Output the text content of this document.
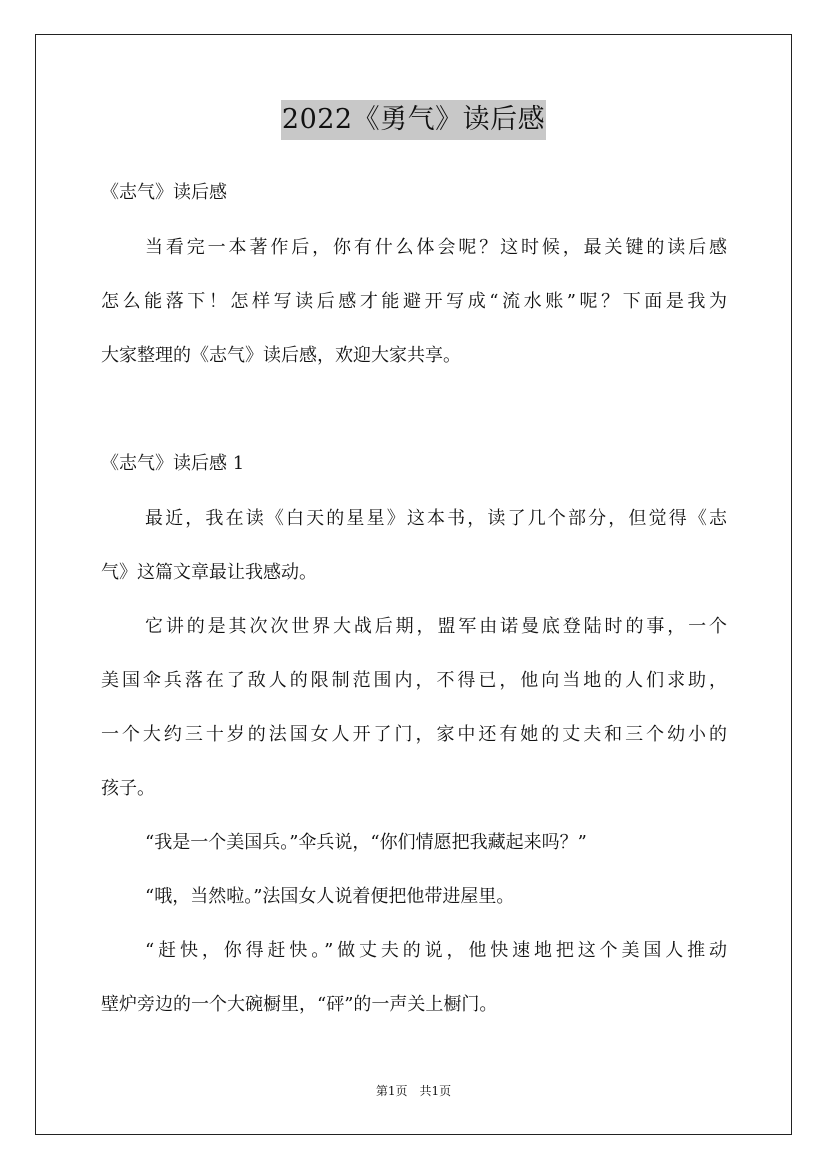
2022《勇气》读后感
《志气》读后感
当看完一本著作后，你有什么体会呢？这时候，最关键的读后感
怎么能落下！怎样写读后感才能避开写成“流水账”呢？下面是我为
大家整理的《志气》读后感，欢迎大家共享。
《志气》读后感 1
最近，我在读《白天的星星》这本书，读了几个部分，但觉得《志
气》这篇文章最让我感动。
它讲的是其次次世界大战后期，盟军由诺曼底登陆时的事，一个
美国伞兵落在了敌人的限制范围内，不得已，他向当地的人们求助，
一个大约三十岁的法国女人开了门，家中还有她的丈夫和三个幼小的
孩子。
“我是一个美国兵。”伞兵说，“你们情愿把我藏起来吗？”
“哦，当然啦。”法国女人说着便把他带进屋里。
“赶快，你得赶快。”做丈夫的说，他快速地把这个美国人推动
壁炉旁边的一个大碗橱里，“砰”的一声关上橱门。
第1页　共1页
